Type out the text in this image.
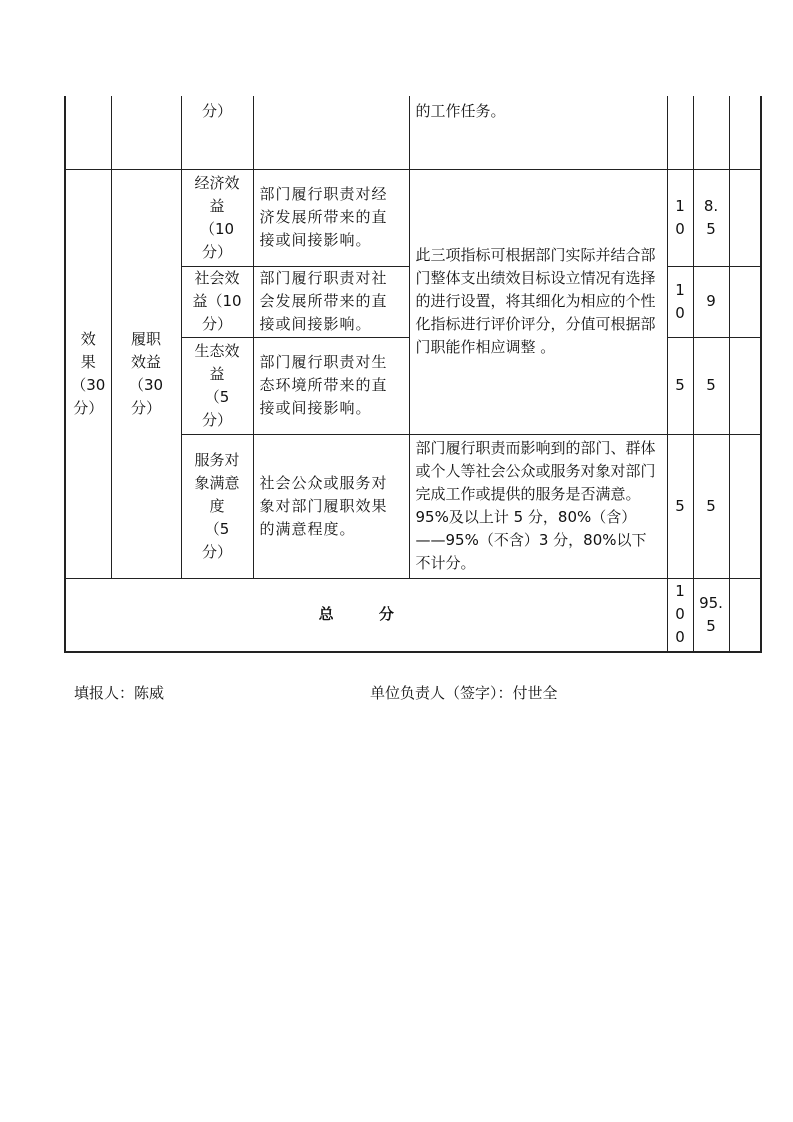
		分）		的工作任务。			

效
果
（30
分）	履职
效益
（30
分）	经济效
益
（10
分）	部门履行职责对经济发展所带来的直接或间接影响。	此三项指标可根据部门实际并结合部门整体支出绩效目标设立情况有选择的进行设置，将其细化为相应的个性化指标进行评价评分，分值可根据部门职能作相应调整 。	10	8.5	

		社会效
益（10
分）	部门履行职责对社会发展所带来的直接或间接影响。		10	9	

		生态效
益
（5
分）	部门履行职责对生态环境所带来的直接或间接影响。		5	5	

		服务对
象满意
度
（5
分）	社会公众或服务对象对部门履职效果的满意程度。	部门履行职责而影响到的部门、群体或个人等社会公众或服务对象对部门完成工作或提供的服务是否满意。95%及以上计 5 分，80%（含）——95%（不含）3 分，80%以下不计分。	5	5	
总 分					100	95.5	

填报人：陈威	单位负责人（签字）：付世全
